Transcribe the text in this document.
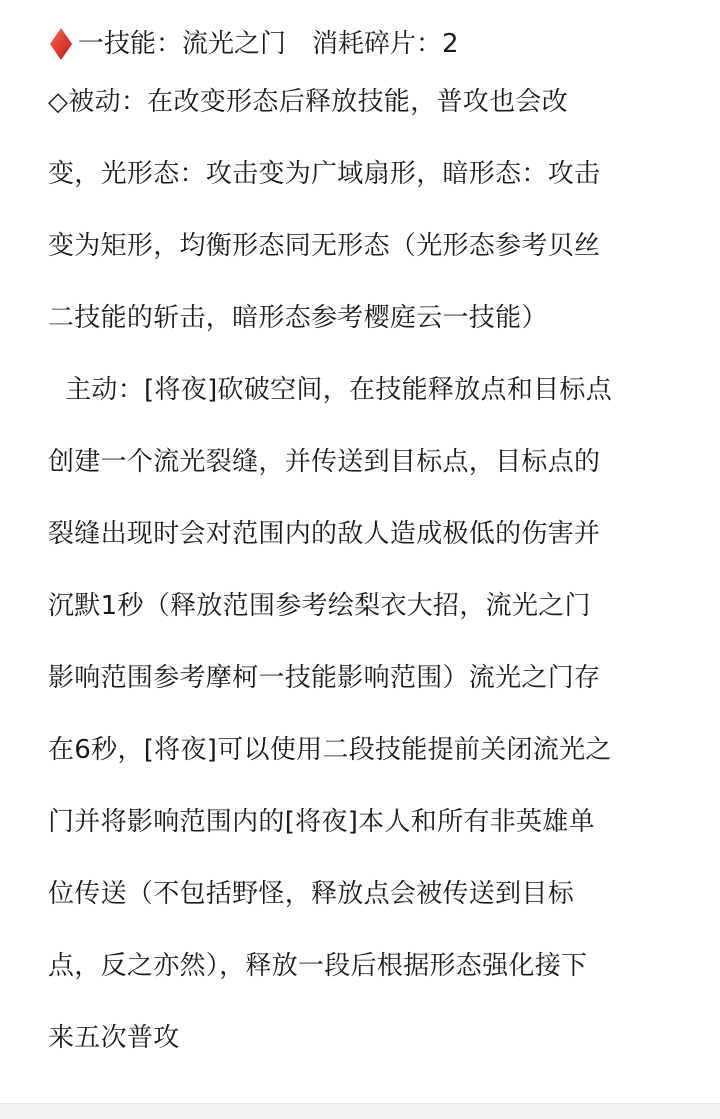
一技能：流光之门 消耗碎片：2
◇被动：在改变形态后释放技能，普攻也会改
变，光形态：攻击变为广域扇形，暗形态：攻击
变为矩形，均衡形态同无形态（光形态参考贝丝
二技能的斩击，暗形态参考樱庭云一技能）
主动：[将夜]砍破空间，在技能释放点和目标点
创建一个流光裂缝，并传送到目标点，目标点的
裂缝出现时会对范围内的敌人造成极低的伤害并
沉默1秒（释放范围参考绘梨衣大招，流光之门
影响范围参考摩柯一技能影响范围）流光之门存
在6秒，[将夜]可以使用二段技能提前关闭流光之
门并将影响范围内的[将夜]本人和所有非英雄单
位传送（不包括野怪，释放点会被传送到目标
点，反之亦然），释放一段后根据形态强化接下
来五次普攻
